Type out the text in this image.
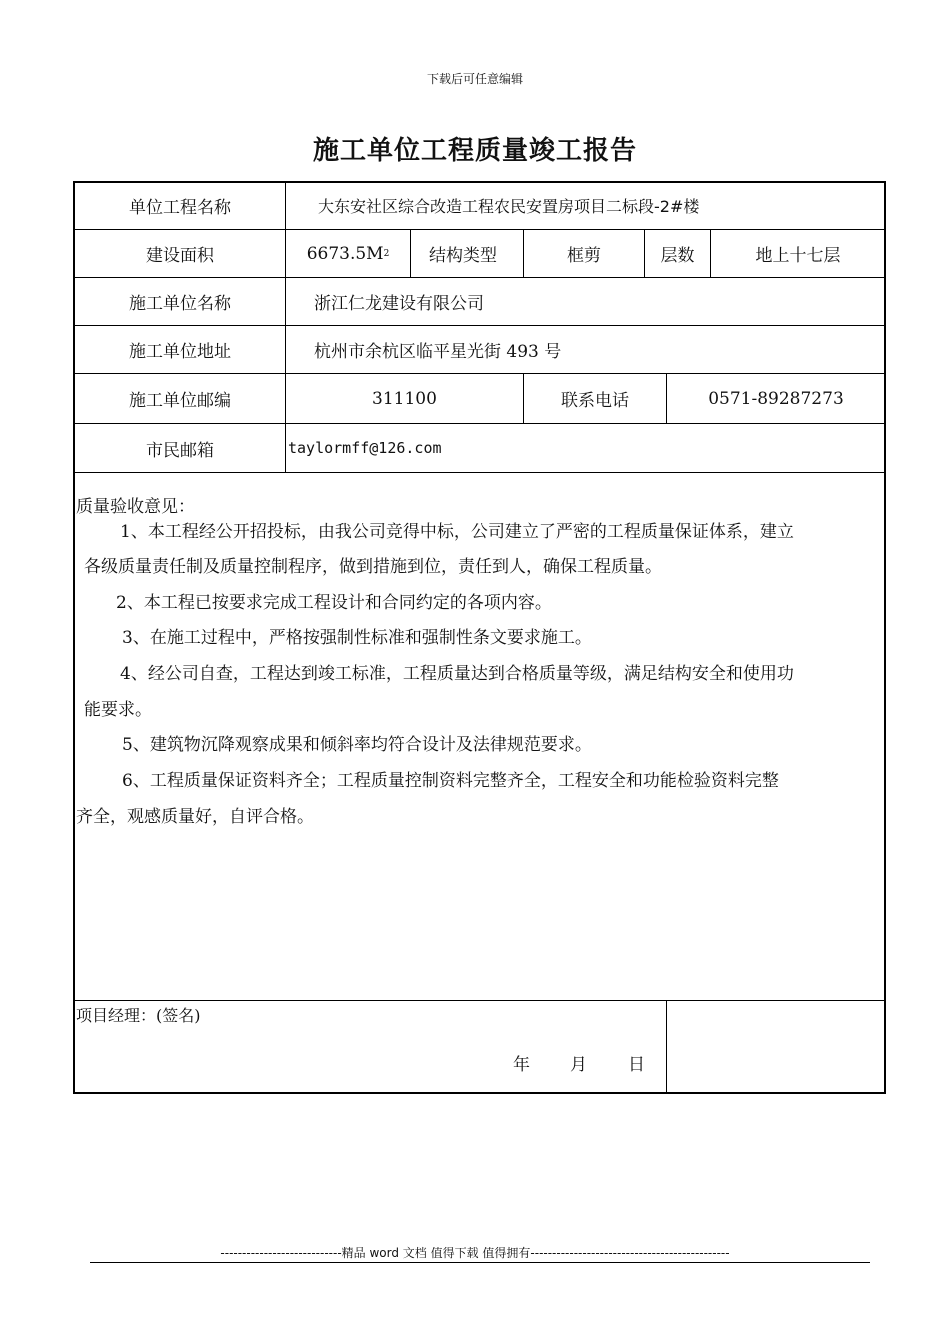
下载后可任意编辑
施工单位工程质量竣工报告
单位工程名称	大东安社区综合改造工程农民安置房项目二标段-2#楼
建设面积	6673.5M 2	结构类型	框剪	层数	地上十七层
施工单位名称	浙江仁龙建设有限公司
施工单位地址	杭州市余杭区临平星光街 493 号
施工单位邮编	311100	联系电话	0571-89287273
市民邮箱	taylormff@126.com
质量验收意见：
1、本工程经公开招投标，由我公司竞得中标，公司建立了严密的工程质量保证体系，建立
各级质量责任制及质量控制程序，做到措施到位，责任到人，确保工程质量。
2、本工程已按要求完成工程设计和合同约定的各项内容。
3、在施工过程中，严格按强制性标准和强制性条文要求施工。
4、经公司自查，工程达到竣工标准，工程质量达到合格质量等级，满足结构安全和使用功
能要求。
5、建筑物沉降观察成果和倾斜率均符合设计及法律规范要求。
6、工程质量保证资料齐全；工程质量控制资料完整齐全，工程安全和功能检验资料完整
齐全，观感质量好，自评合格。
项目经理：(签名)
年 月 日
----------------------------精品 word 文档 值得下载 值得拥有----------------------------------------------
